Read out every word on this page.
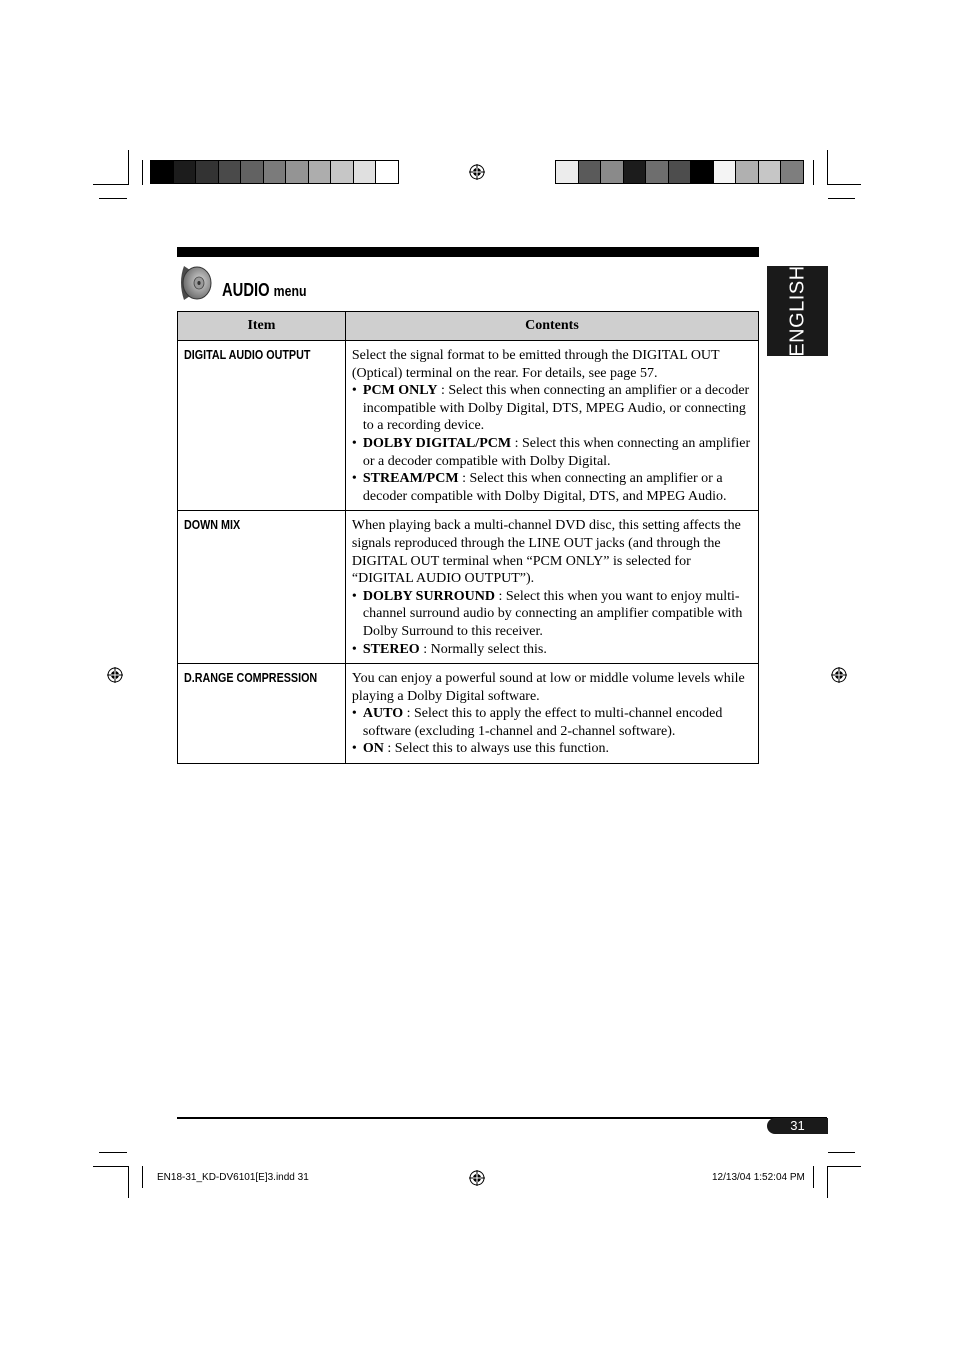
AUDIO menu	ENGLISH
Item	Contents
DIGITAL AUDIO OUTPUT	Select the signal format to be emitted through the DIGITAL OUT (Optical) terminal on the rear. For details, see page 57.
• PCM ONLY : Select this when connecting an amplifier or a decoder incompatible with Dolby Digital, DTS, MPEG Audio, or connecting to a recording device.
• DOLBY DIGITAL/PCM : Select this when connecting an amplifier or a decoder compatible with Dolby Digital.
• STREAM/PCM : Select this when connecting an amplifier or a decoder compatible with Dolby Digital, DTS, and MPEG Audio.

DOWN MIX	When playing back a multi-channel DVD disc, this setting affects the signals reproduced through the LINE OUT jacks (and through the DIGITAL OUT terminal when “PCM ONLY” is selected for “DIGITAL AUDIO OUTPUT”).
• DOLBY SURROUND : Select this when you want to enjoy multi-channel surround audio by connecting an amplifier compatible with Dolby Surround to this receiver.
• STEREO : Normally select this.

D.RANGE COMPRESSION	You can enjoy a powerful sound at low or middle volume levels while playing a Dolby Digital software.
• AUTO : Select this to apply the effect to multi-channel encoded software (excluding 1-channel and 2-channel software).
• ON : Select this to always use this function.
31
EN18-31_KD-DV6101[E]3.indd 31	12/13/04 1:52:04 PM
